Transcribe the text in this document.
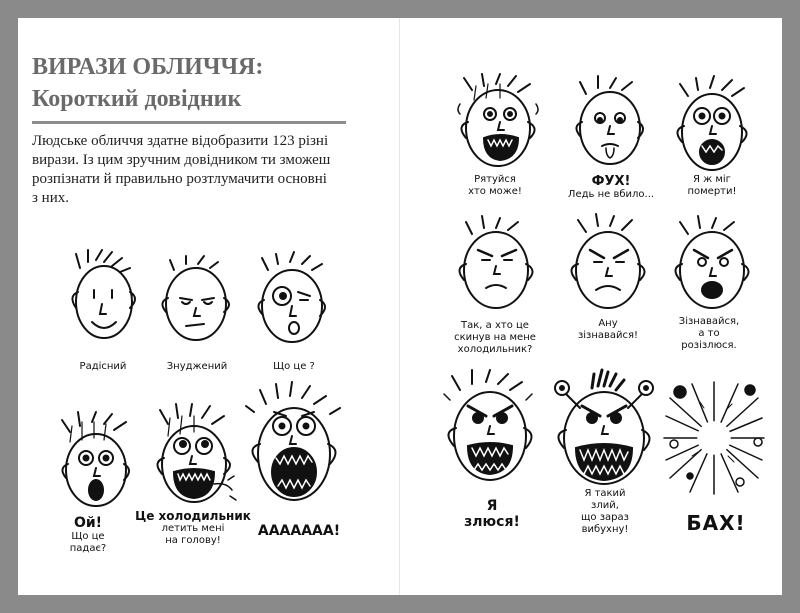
ВИРАЗИ ОБЛИЧЧЯ:
Короткий довідник
Людське обличчя здатне відобразити 123 різні
вирази. Із цим зручним довідником ти зможеш
розпізнати й правильно розтлумачити основні
з них.
Радісний	Знуджений	Що це ?
Ой!
Що це
падає?
Це холодильник
летить мені
на голову!
ААААААА!
Рятуйся
хто може!
ФУХ!
Ледь не вбило...
Я ж міг
померти!
Так, а хто це
скинув на мене
холодильник?
Ану
зізнавайся!
Зізнавайся,
а то
розізлюся.
Я
злюся!
Я такий
злий,
що зараз
вибухну!	БАХ!
